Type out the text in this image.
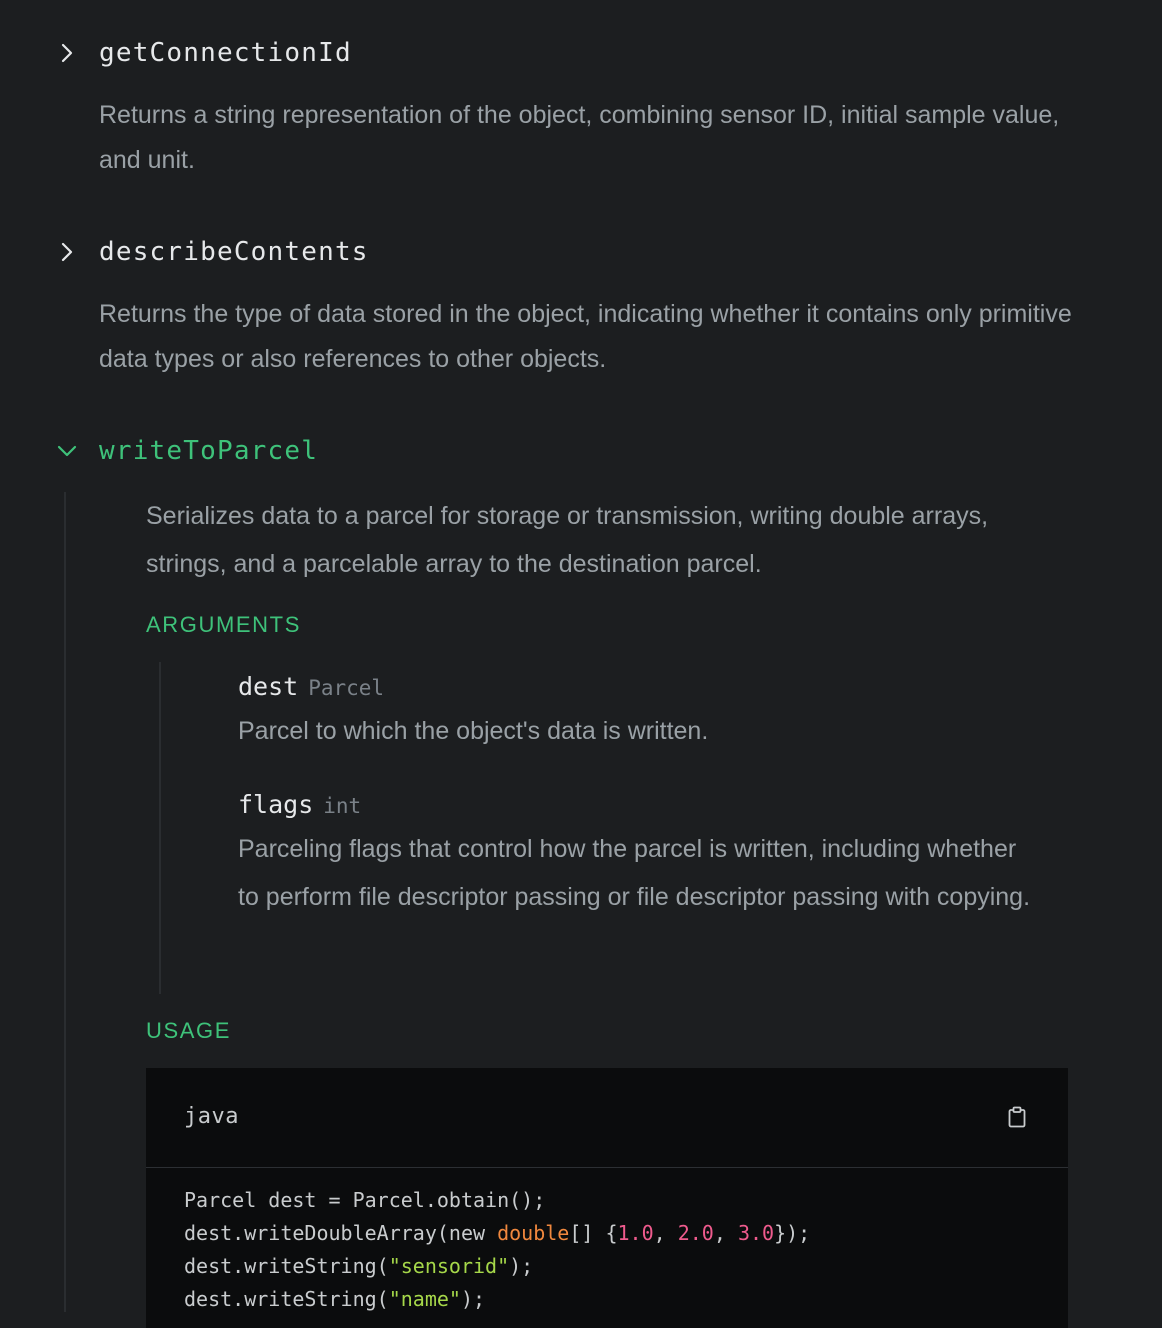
getConnectionId
Returns a string representation of the object, combining sensor ID, initial sample value, and unit.
describeContents
Returns the type of data stored in the object, indicating whether it contains only primitive data types or also references to other objects.
writeToParcel
Serializes data to a parcel for storage or transmission, writing double arrays, strings, and a parcelable array to the destination parcel.
ARGUMENTS
dest Parcel
Parcel to which the object's data is written.
flags int
Parceling flags that control how the parcel is written, including whether to perform file descriptor passing or file descriptor passing with copying.
USAGE
java
Parcel dest = Parcel.obtain();
dest.writeDoubleArray(new double[] {1.0, 2.0, 3.0});
dest.writeString("sensorid");
dest.writeString("name");
